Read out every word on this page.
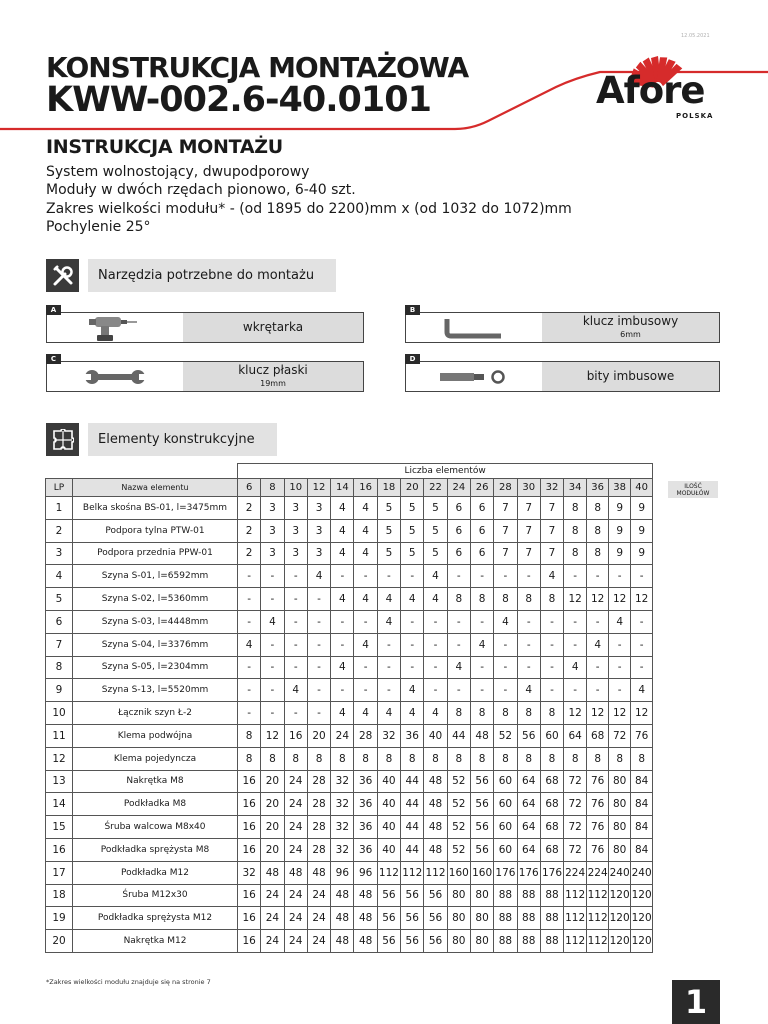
12.05.2021
KONSTRUKCJA MONTAŻOWA
KWW-002.6-40.0101	Afore
POLSKA
INSTRUKCJA MONTAŻU
System wolnostojący, dwupodporowy
Moduły w dwóch rzędach pionowo, 6-40 szt.
Zakres wielkości modułu* - (od 1895 do 2200)mm x (od 1032 do 1072)mm
Pochylenie 25°
Narzędzia potrzebne do montażu
A
wkrętarka
B
klucz imbusowy
6mm
C
klucz płaski
19mm
D
bity imbusowe
Elementy konstrukcyjne
		Liczba elementów																	
LP	Nazwa elementu	6	8	10	12	14	16	18	20	22	24	26	28	30	32	34	36	38	40
1	Belka skośna BS-01, l=3475mm	2	3	3	3	4	4	5	5	5	6	6	7	7	7	8	8	9	9
2	Podpora tylna PTW-01	2	3	3	3	4	4	5	5	5	6	6	7	7	7	8	8	9	9
3	Podpora przednia PPW-01	2	3	3	3	4	4	5	5	5	6	6	7	7	7	8	8	9	9
4	Szyna S-01, l=6592mm	-	-	-	4	-	-	-	-	4	-	-	-	-	4	-	-	-	-
5	Szyna S-02, l=5360mm	-	-	-	-	4	4	4	4	4	8	8	8	8	8	12	12	12	12
6	Szyna S-03, l=4448mm	-	4	-	-	-	-	4	-	-	-	-	4	-	-	-	-	4	-
7	Szyna S-04, l=3376mm	4	-	-	-	-	4	-	-	-	-	4	-	-	-	-	4	-	-
8	Szyna S-05, l=2304mm	-	-	-	-	4	-	-	-	-	4	-	-	-	-	4	-	-	-
9	Szyna S-13, l=5520mm	-	-	4	-	-	-	-	4	-	-	-	-	4	-	-	-	-	4
10	Łącznik szyn Ł-2	-	-	-	-	4	4	4	4	4	8	8	8	8	8	12	12	12	12
11	Klema podwójna	8	12	16	20	24	28	32	36	40	44	48	52	56	60	64	68	72	76
12	Klema pojedyncza	8	8	8	8	8	8	8	8	8	8	8	8	8	8	8	8	8	8
13	Nakrętka M8	16	20	24	28	32	36	40	44	48	52	56	60	64	68	72	76	80	84
14	Podkładka M8	16	20	24	28	32	36	40	44	48	52	56	60	64	68	72	76	80	84
15	Śruba walcowa M8x40	16	20	24	28	32	36	40	44	48	52	56	60	64	68	72	76	80	84
16	Podkładka sprężysta M8	16	20	24	28	32	36	40	44	48	52	56	60	64	68	72	76	80	84
17	Podkładka M12	32	48	48	48	96	96	112	112	112	160	160	176	176	176	224	224	240	240
18	Śruba M12x30	16	24	24	24	48	48	56	56	56	80	80	88	88	88	112	112	120	120
19	Podkładka sprężysta M12	16	24	24	24	48	48	56	56	56	80	80	88	88	88	112	112	120	120
20	Nakrętka M12	16	24	24	24	48	48	56	56	56	80	80	88	88	88	112	112	120	120
ILOŚĆ
MODUŁÓW
*Zakres wielkości modułu znajduje się na stronie 7
1
